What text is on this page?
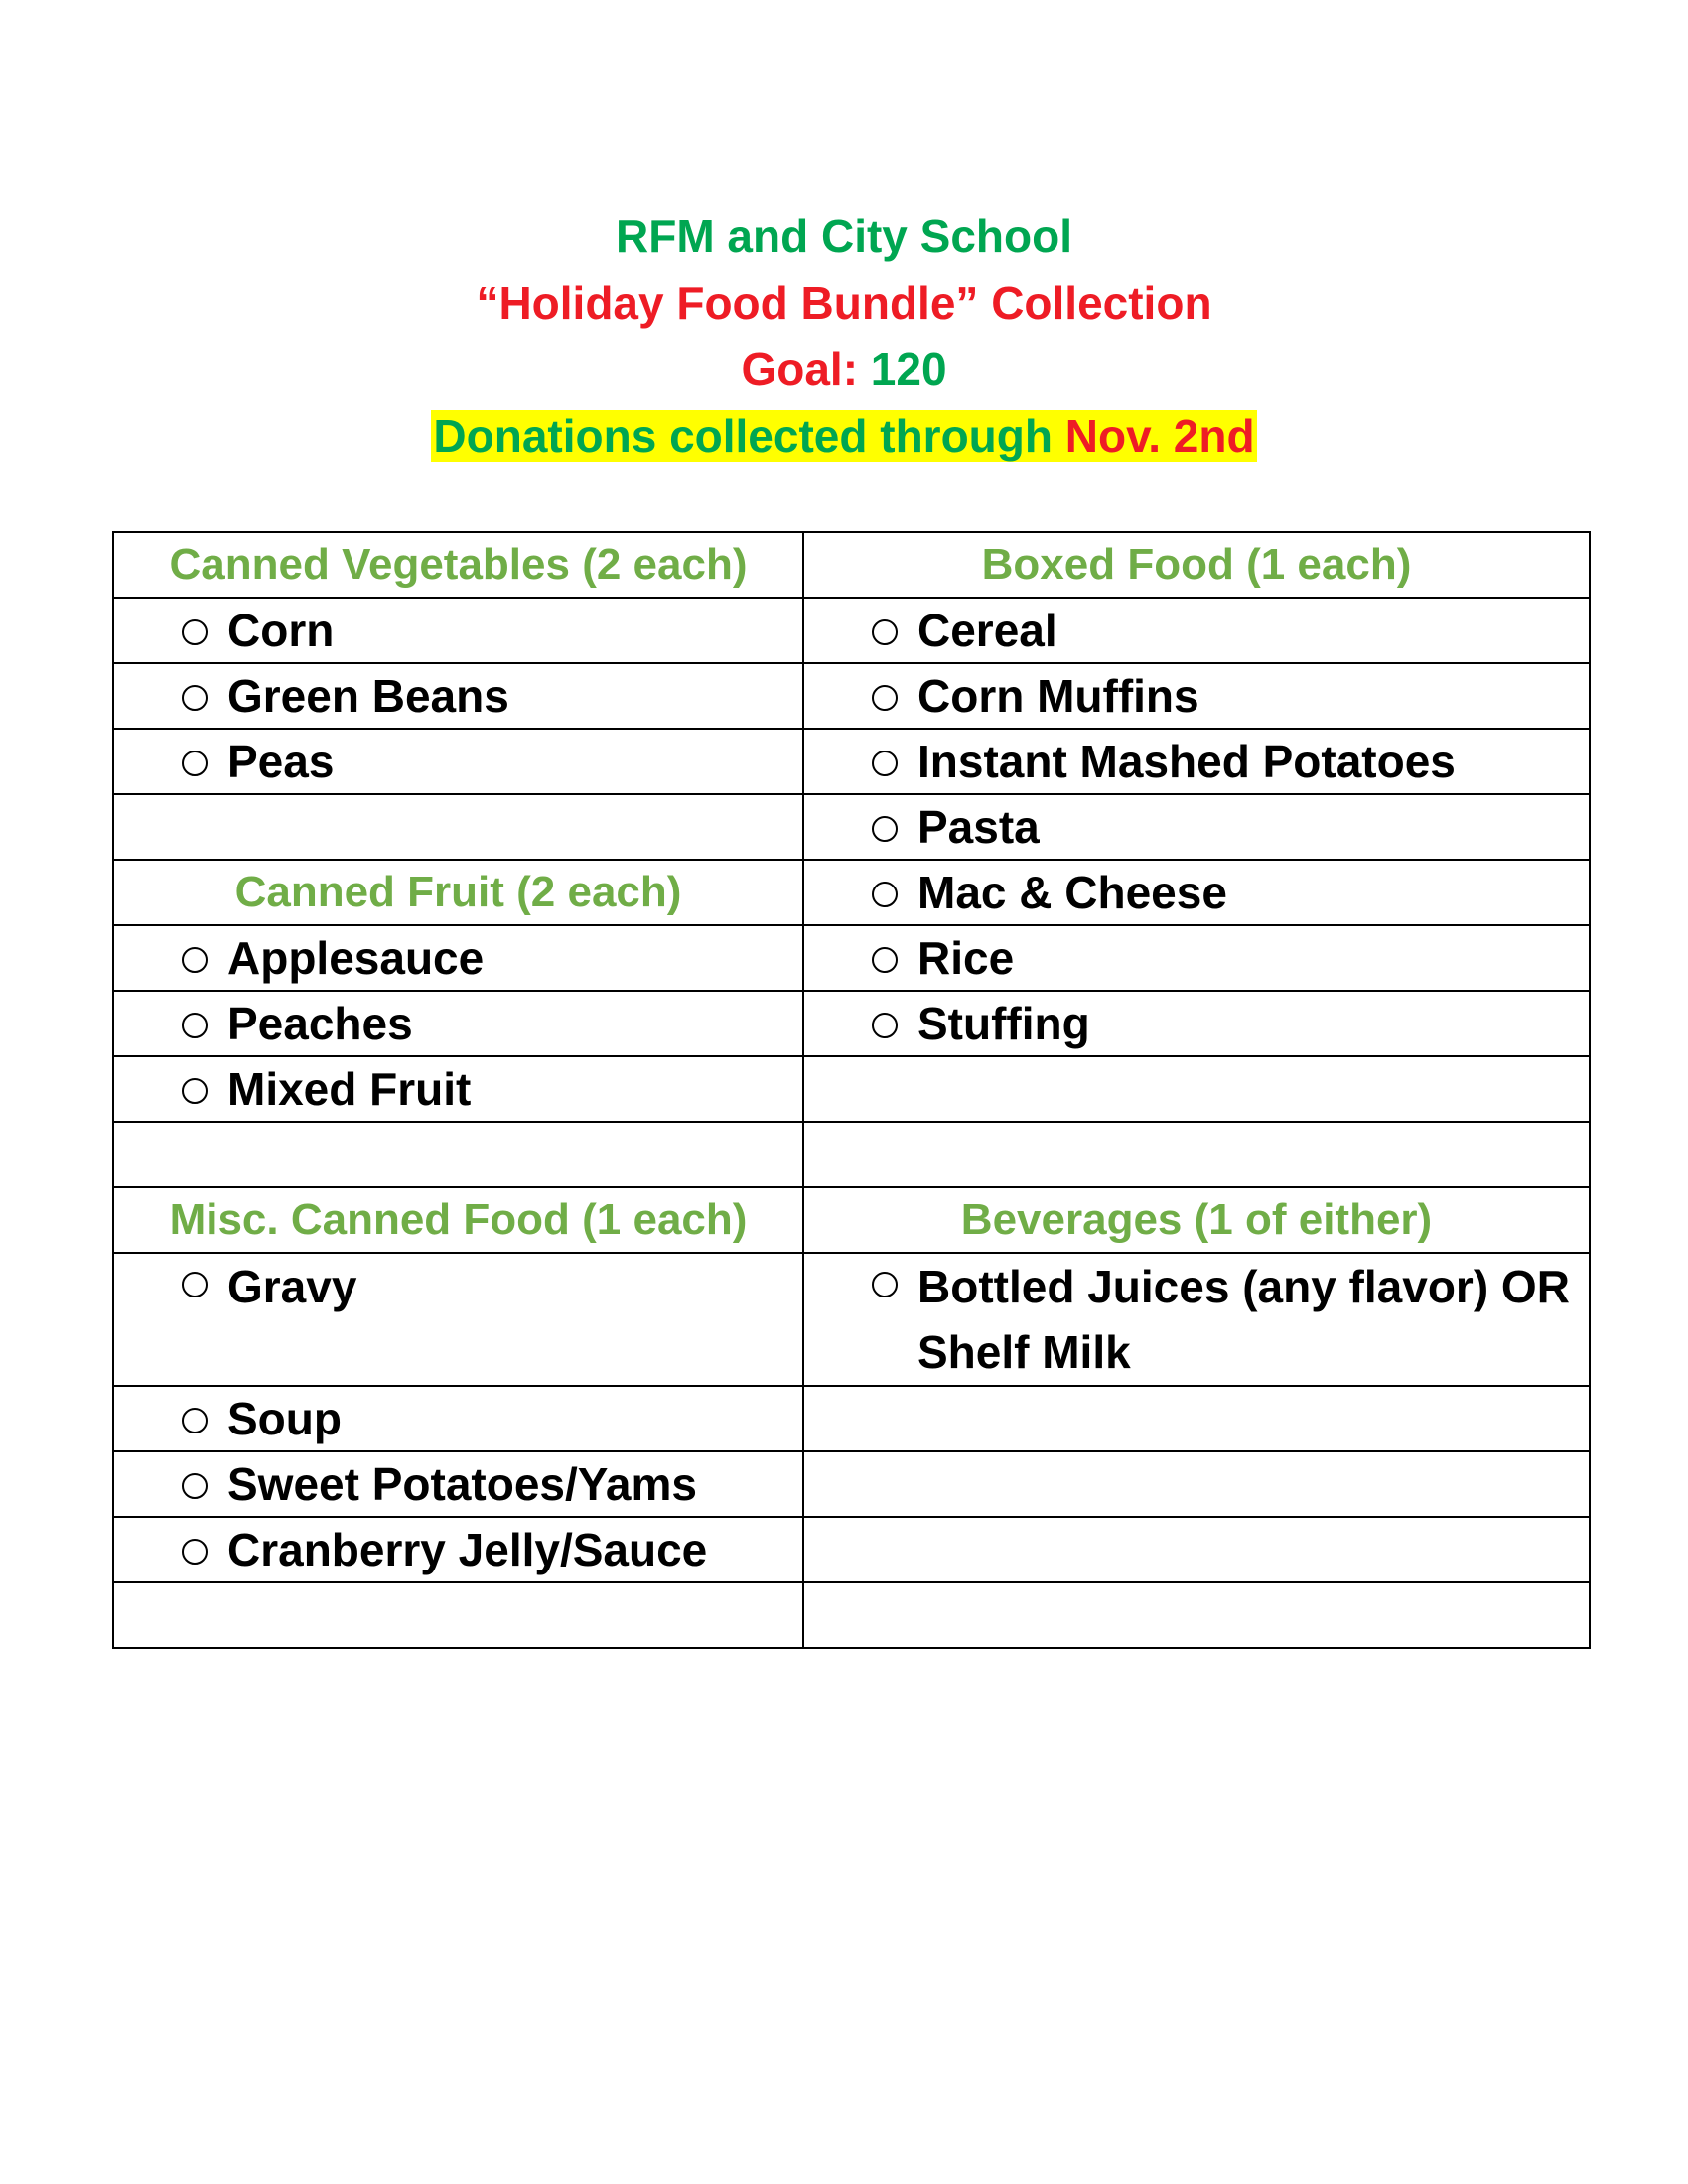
RFM and City School
“Holiday Food Bundle” Collection
Goal: 120
Donations collected through Nov. 2nd
Canned Vegetables (2 each)	Boxed Food (1 each)
Corn	Cereal
Green Beans	Corn Muffins
Peas	Instant Mashed Potatoes
	Pasta
Canned Fruit (2 each)	Mac & Cheese
Applesauce	Rice
Peaches	Stuffing
Mixed Fruit	

Misc. Canned Food (1 each)	Beverages (1 of either)
Gravy	Bottled Juices (any flavor) OR Shelf Milk
Soup	
Sweet Potatoes/Yams	
Cranberry Jelly/Sauce	
